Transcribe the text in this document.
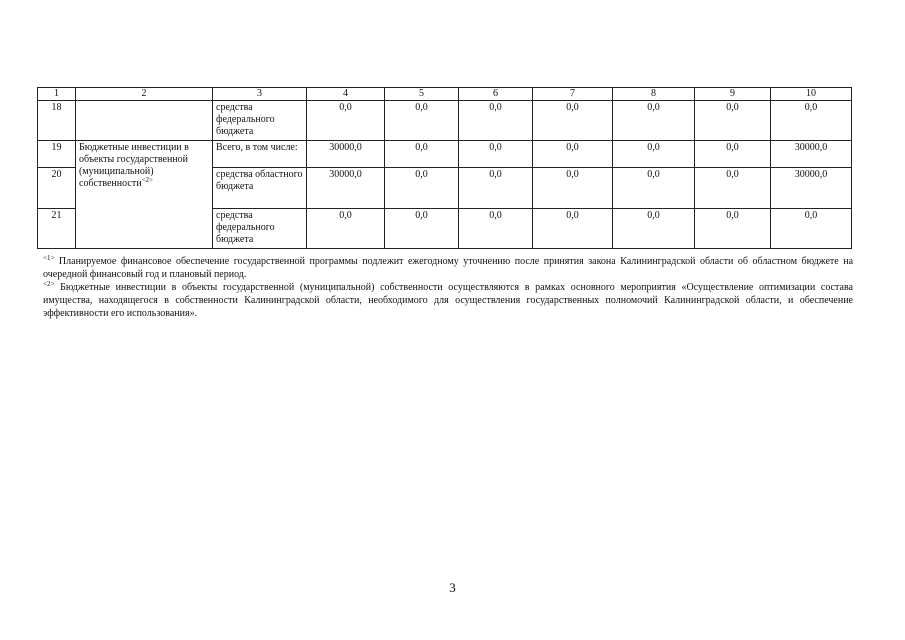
1	2	3	4	5	6	7	8	9	10
18		средства федерального бюджета	0,0	0,0	0,0	0,0	0,0	0,0	0,0
19	Бюджетные инвестиции в объекты государственной (муниципальной) собственности$^{<2>}$	Всего, в том числе:	30000,0	0,0	0,0	0,0	0,0	0,0	30000,0
20		средства областного бюджета	30000,0	0,0	0,0	0,0	0,0	0,0	30000,0
21		средства федерального бюджета	0,0	0,0	0,0	0,0	0,0	0,0	0,0

$^{<1>}$ Планируемое финансовое обеспечение государственной программы подлежит ежегодному уточнению после принятия закона Калининградской области об областном бюджете на очередной финансовый год и плановый период.

$^{<2>}$ Бюджетные инвестиции в объекты государственной (муниципальной) собственности осуществляются в рамках основного мероприятия «Осуществление оптимизации состава имущества, находящегося в собственности Калининградской области, необходимого для осуществления государственных полномочий Калининградской области, и обеспечение эффективности его использования».

3
